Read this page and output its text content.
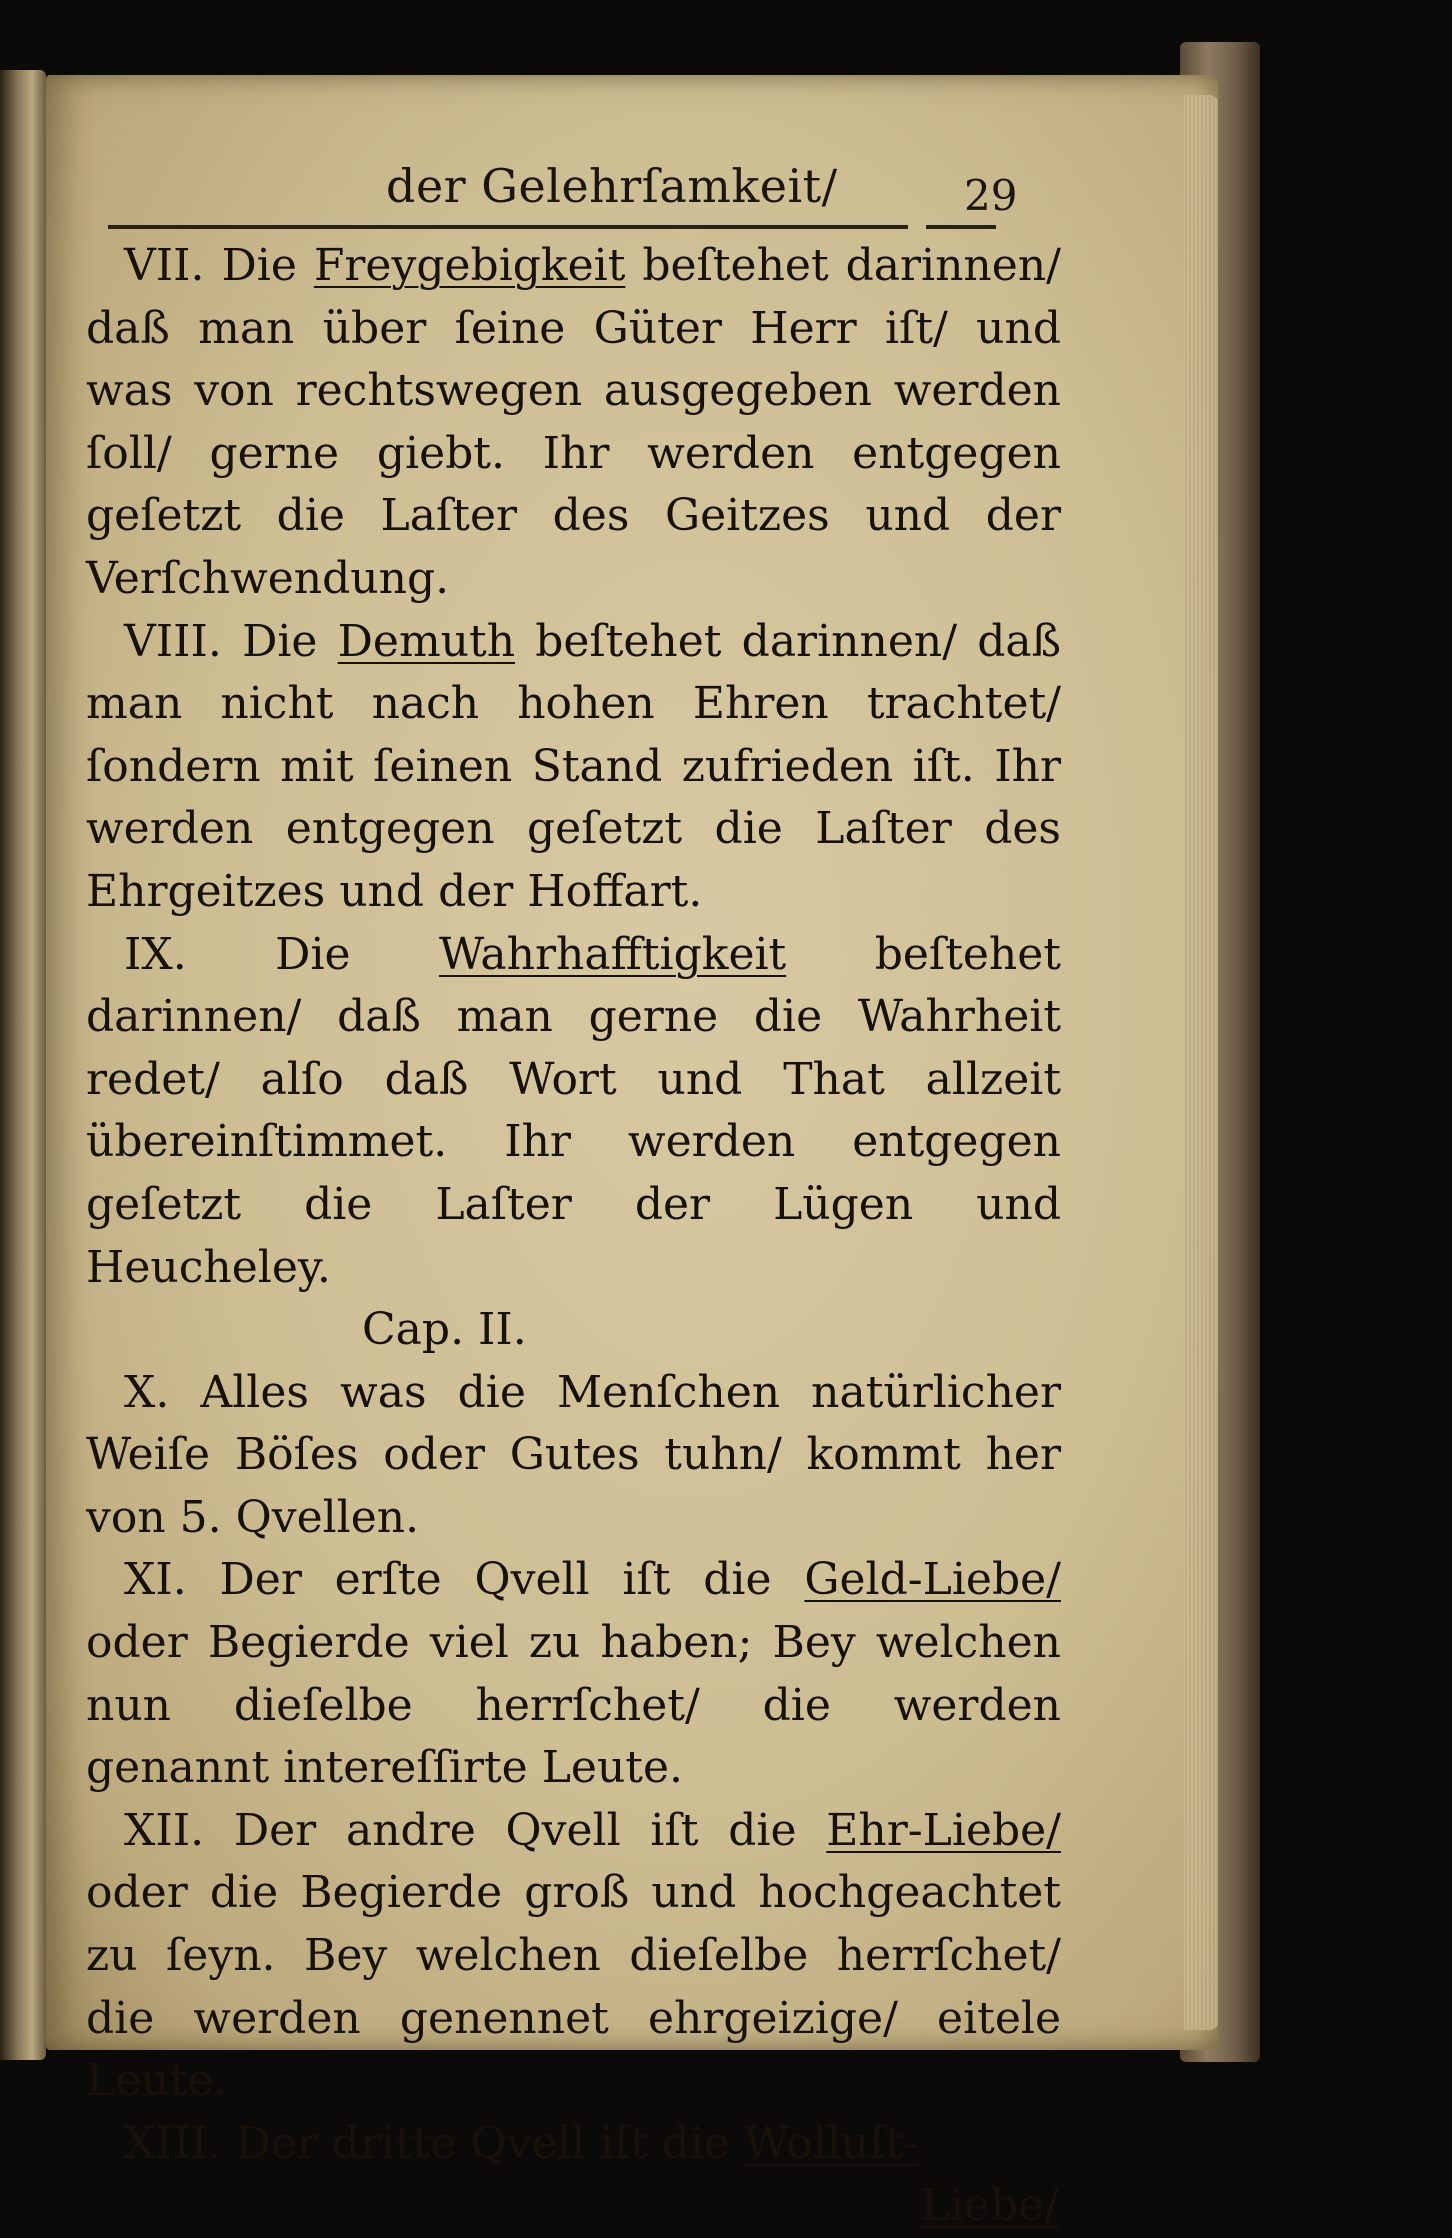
der Gelehrſamkeit/	29

VII. Die Freygebigkeit beſtehet darinnen/ daß man über ſeine Güter Herr iſt/ und was von rechtswegen ausgegeben werden ſoll/ gerne giebt. Ihr werden entgegen geſetzt die Laſter des Geitzes und der Verſchwendung.

VIII. Die Demuth beſtehet darinnen/ daß man nicht nach hohen Ehren trachtet/ ſondern mit ſeinen Stand zufrieden iſt. Ihr werden entgegen geſetzt die Laſter des Ehrgeitzes und der Hoffart.

IX. Die Wahrhafftigkeit beſtehet darinnen/ daß man gerne die Wahrheit redet/ alſo daß Wort und That allzeit übereinſtimmet. Ihr werden entgegen geſetzt die Laſter der Lügen und Heucheley.

Cap. II.

X. Alles was die Menſchen natürlicher Weiſe Böſes oder Gutes tuhn/ kommt her von 5. Qvellen.

XI. Der erſte Qvell iſt die Geld-Liebe/ oder Begierde viel zu haben; Bey welchen nun dieſelbe herrſchet/ die werden genannt intereſſirte Leute.

XII. Der andre Qvell iſt die Ehr-Liebe/ oder die Begierde groß und hochgeachtet zu ſeyn. Bey welchen dieſelbe herrſchet/ die werden genennet ehrgeizige/ eitele Leute.

XIII. Der dritte Qvell iſt die Wolluſt-

Liebe/
